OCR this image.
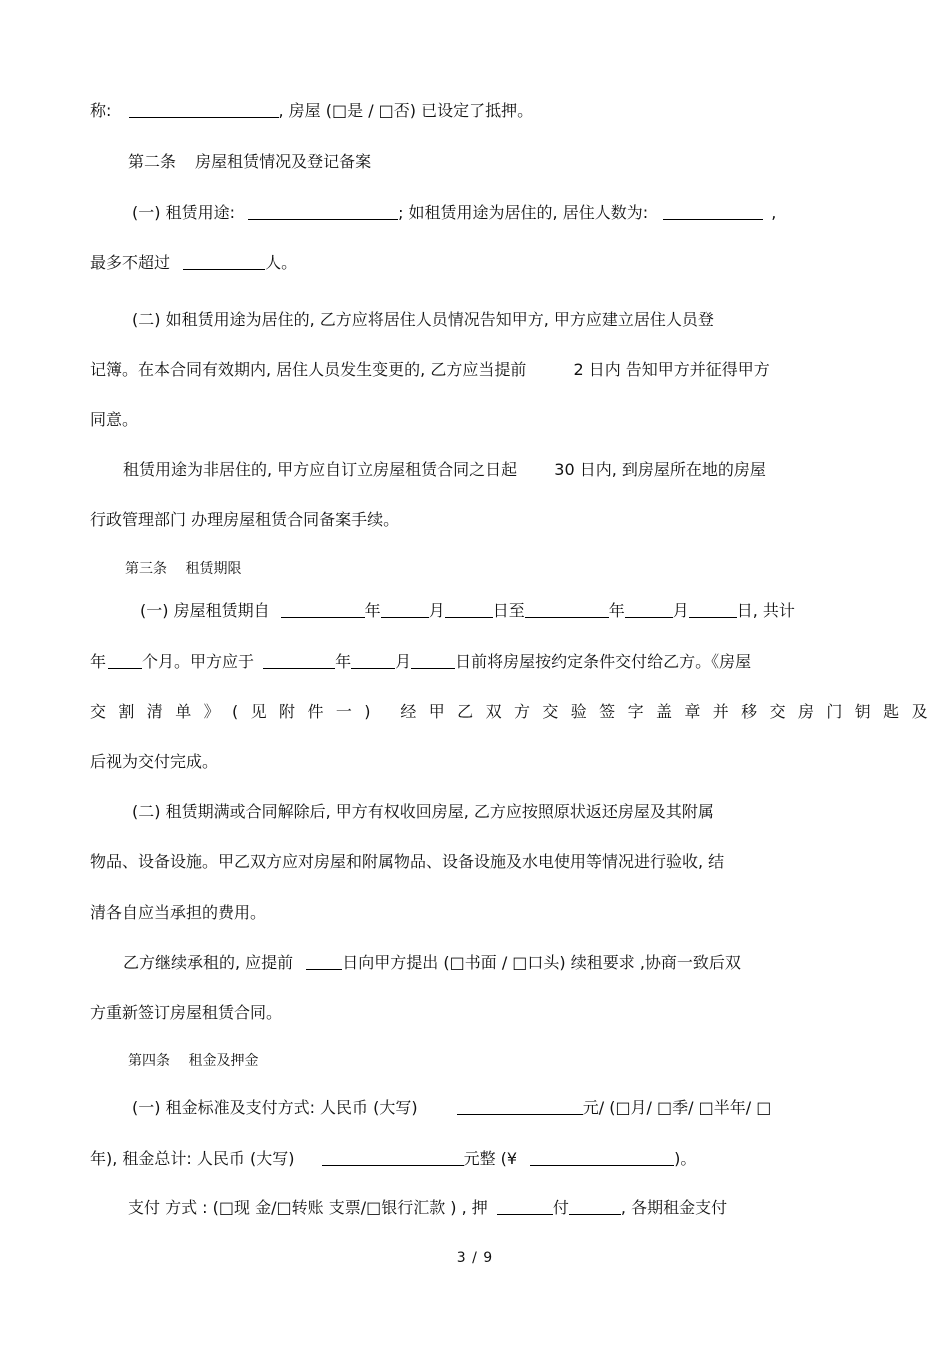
称:	, 房屋 (□是 / □否) 已设定了抵押。
第二条 房屋租赁情况及登记备案
(一) 租赁用途:	; 如租赁用途为居住的, 居住人数为:	,
最多不超过	人。
(二) 如租赁用途为居住的, 乙方应将居住人员情况告知甲方, 甲方应建立居住人员登
记簿。在本合同有效期内, 居住人员发生变更的, 乙方应当提前	2 日内 告知甲方并征得甲方
同意。
租赁用途为非居住的, 甲方应自订立房屋租赁合同之日起 30 日内, 到房屋所在地的房屋
行政管理部门 办理房屋租赁合同备案手续。
第三条 租赁期限
(一) 房屋租赁期自	年	月	日至	年	月	日, 共计
年 个月。甲方应于	年	月	日前将房屋按约定条件交付给乙方。《房屋
交割清单》(见附件一) 经甲乙双方交验签字盖章并移交房门钥匙及
后视为交付完成。
(二) 租赁期满或合同解除后, 甲方有权收回房屋, 乙方应按照原状返还房屋及其附属
物品、设备设施。甲乙双方应对房屋和附属物品、设备设施及水电使用等情况进行验收, 结
清各自应当承担的费用。
乙方继续承租的, 应提前	日向甲方提出 (□书面 / □口头) 续租要求 ,协商一致后双
方重新签订房屋租赁合同。
第四条 租金及押金
(一) 租金标准及支付方式: 人民币 (大写)	元/ (□月/ □季/ □半年/ □
年), 租金总计: 人民币 (大写)	元整 (¥	)。
支付 方式 : (□现 金/□转账 支票/□银行汇款 ) , 押	付	, 各期租金支付
3 / 9
